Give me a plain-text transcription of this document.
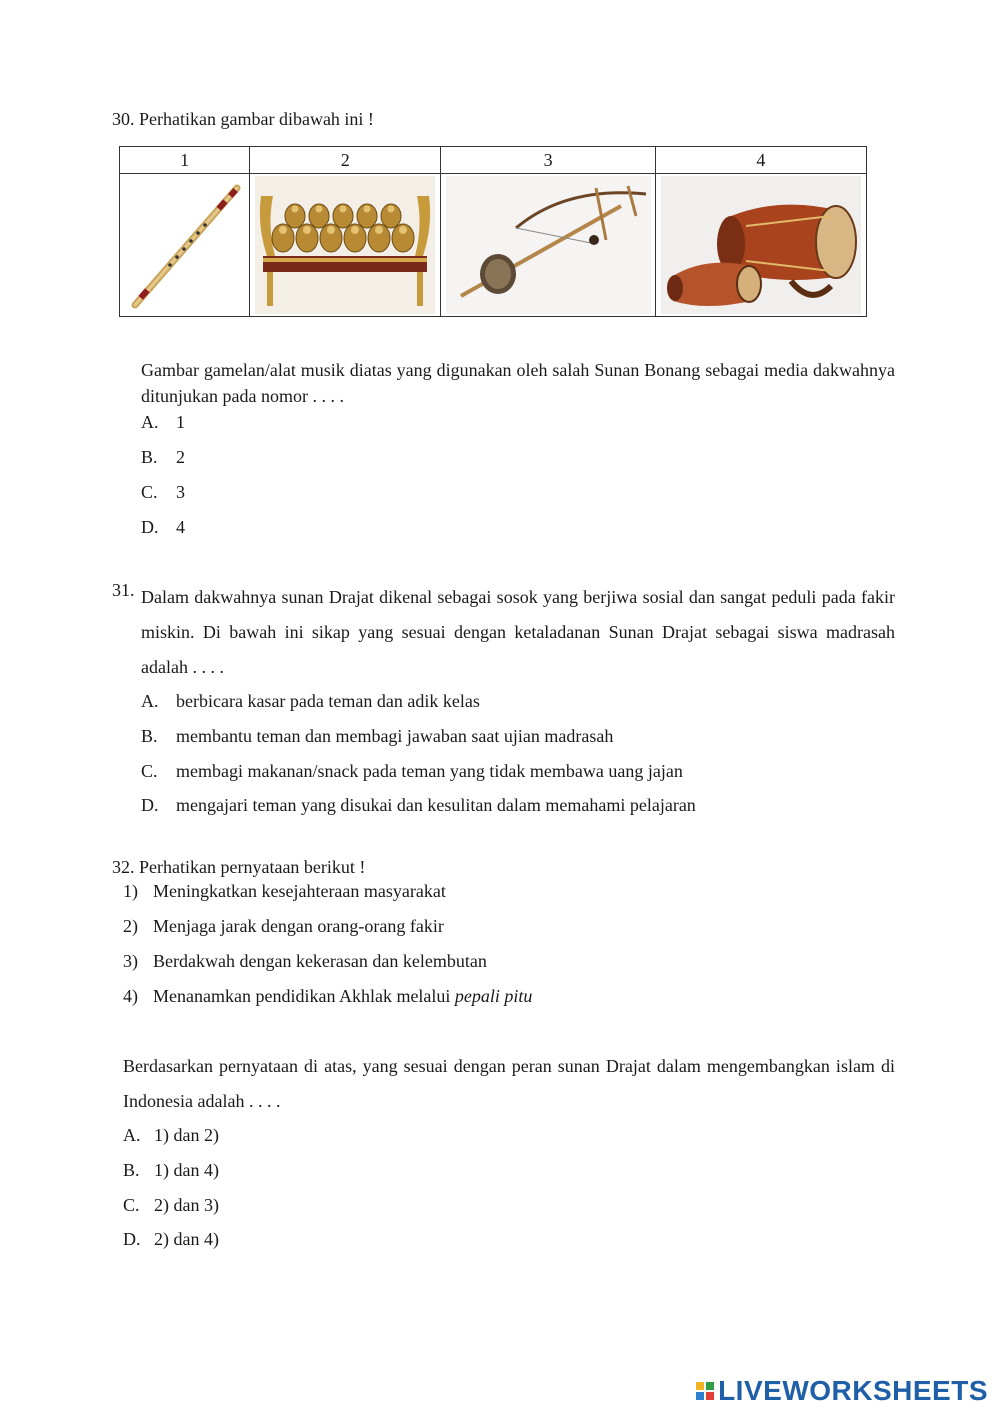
30. Perhatikan gambar dibawah ini !
1	2	3	4

Gambar gamelan/alat musik diatas yang digunakan oleh salah Sunan Bonang sebagai media dakwahnya ditunjukan pada nomor . . . .
A. 1
B.	2
C.	3
D. 4
31. Dalam dakwahnya sunan Drajat dikenal sebagai sosok yang berjiwa sosial dan sangat peduli pada fakir miskin. Di bawah ini sikap yang sesuai dengan ketaladanan Sunan Drajat sebagai siswa madrasah adalah . . . .
A. berbicara kasar pada teman dan adik kelas
B.	membantu teman dan membagi jawaban saat ujian madrasah
C.	membagi makanan/snack pada teman yang tidak membawa uang jajan
D. mengajari teman yang disukai dan kesulitan dalam memahami pelajaran
32. Perhatikan pernyataan berikut !
1) Meningkatkan kesejahteraan masyarakat
2) Menjaga jarak dengan orang-orang fakir
3) Berdakwah dengan kekerasan dan kelembutan
4) Menanamkan pendidikan Akhlak melalui pepali pitu
Berdasarkan pernyataan di atas, yang sesuai dengan peran sunan Drajat dalam mengembangkan islam di Indonesia adalah . . . .
A. 1) dan 2)
B. 1) dan 4)
C. 2) dan 3)
D. 2) dan 4)
LIVEWORKSHEETS
